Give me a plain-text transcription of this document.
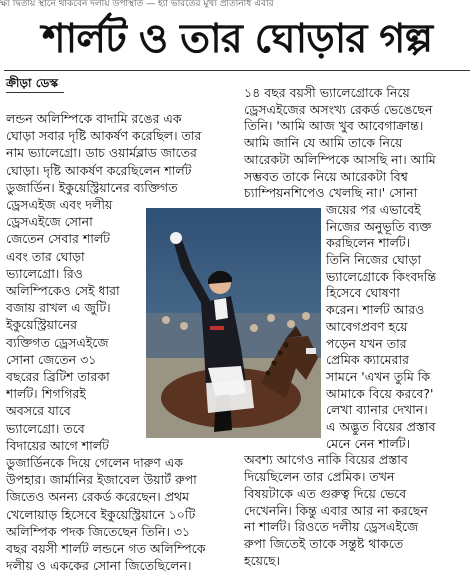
ক্ষ্য দ্বিতীয় স্থানে থাকবেন দলীয় উপস্থিতি — হ্যাঁ ভারতের মুখ্য প্রতিনিধি এবার
শার্লট ও তার ঘোড়ার গল্প
ক্রীড়া ডেস্ক
লন্ডন অলিম্পিকে বাদামি রঙের এক
ঘোড়া সবার দৃষ্টি আকর্ষণ করেছিল। তার
নাম ভ্যালেগ্রো। ডাচ ওয়ার্মব্লাড জাতের
ঘোড়া। দৃষ্টি আকর্ষণ করেছিলেন শার্লট
ডুজার্ডিন। ইকুয়েস্ট্রিয়ানের ব্যক্তিগত
ড্রেসএইজ এবং দলীয়
ড্রেসএইজে সোনা
জেতেন সেবার শার্লট
এবং তার ঘোড়া
ভ্যালেগ্রো। রিও
অলিম্পিকেও সেই ধারা
বজায় রাখল এ জুটি।
ইকুয়েস্ট্রিয়ানের
ব্যক্তিগত ড্রেসএইজে
সোনা জেতেন ৩১
বছরের ব্রিটিশ তারকা
শার্লট। শিগগিরই
অবসরে যাবে
ভ্যালেগ্রো। তবে
বিদায়ের আগে শার্লট
ডুজার্ডিনকে দিয়ে গেলেন দারুণ এক
উপহার। জার্মানির ইজাবেল উয়ার্ট রুপা
জিতেও অনন্য রেকর্ড করেছেন। প্রথম
খেলোয়াড় হিসেবে ইকুয়েস্ট্রিয়ানে ১০টি
অলিম্পিক পদক জিতেছেন তিনি। ৩১
বছর বয়সী শার্লট লন্ডনে গত অলিম্পিকে
দলীয় ও এককের সোনা জিতেছিলেন।
১৪ বছর বয়সী ভ্যালেগ্রোকে নিয়ে
ড্রেসএইজের অসংখ্য রেকর্ড ভেঙেছেন
তিনি। 'আমি আজ খুব আবেগাক্রান্ত।
আমি জানি যে আমি তাকে নিয়ে
আরেকটা অলিম্পিকে আসছি না। আমি
সম্ভবত তাকে নিয়ে আরেকটা বিশ্ব
চ্যাম্পিয়নশিপেও খেলছি না।' সোনা
জয়ের পর এভাবেই
নিজের অনুভূতি ব্যক্ত
করছিলেন শার্লট।
তিনি নিজের ঘোড়া
ভ্যালেগ্রোকে কিংবদন্তি
হিসেবে ঘোষণা
করেন। শার্লট আরও
আবেগপ্রবণ হয়ে
পড়েন যখন তার
প্রেমিক ক্যামেরার
সামনে 'এখন তুমি কি
আমাকে বিয়ে করবে?'
লেখা ব্যানার দেখান।
এ অদ্ভুত বিয়ের প্রস্তাব
মেনে নেন শার্লট।
অবশ্য আগেও নাকি বিয়ের প্রস্তাব
দিয়েছিলেন তার প্রেমিক। তখন
বিষয়টাকে এত গুরুত্ব দিয়ে ভেবে
দেখেননি। কিন্তু এবার আর না করছেন
না শার্লট। রিওতে দলীয় ড্রেসএইজে
রুপা জিতেই তাকে সন্তুষ্ট থাকতে
হয়েছে।
